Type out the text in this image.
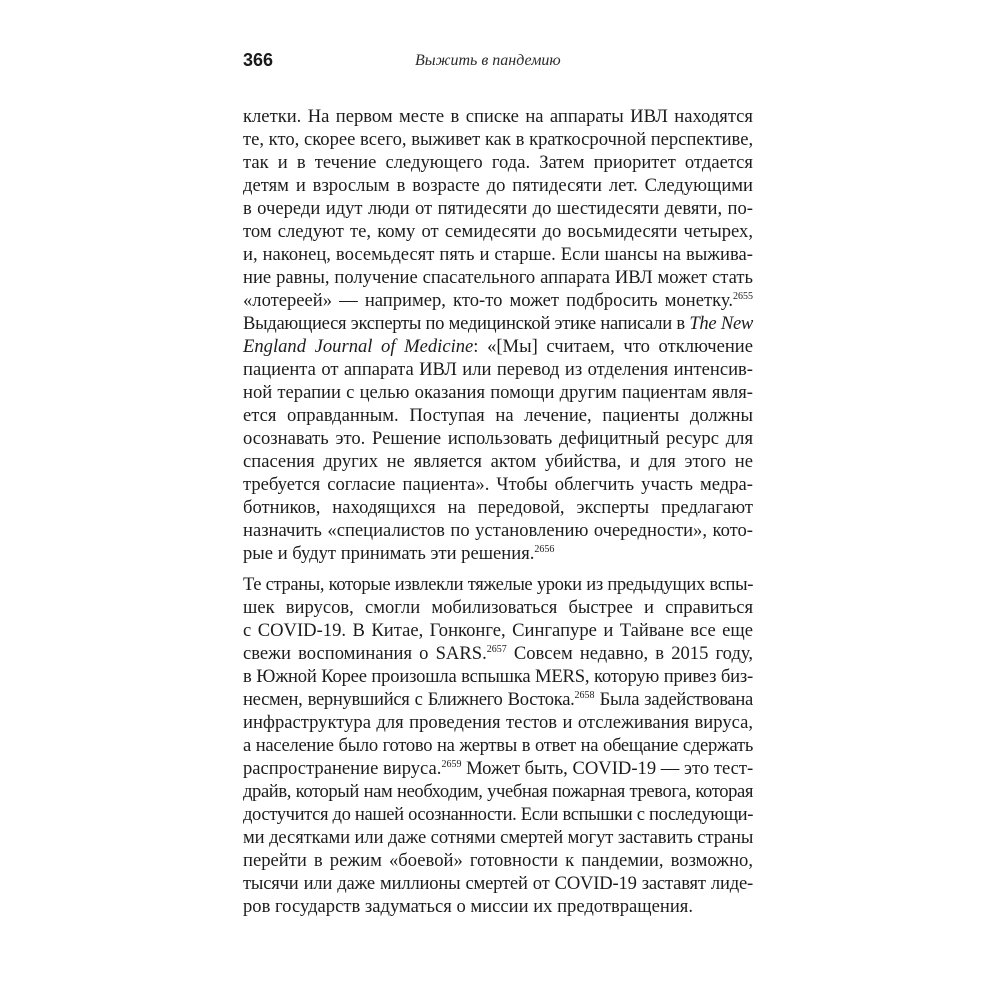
366	Выжить в пандемию
клетки. На первом месте в списке на аппараты ИВЛ находятся
те, кто, скорее всего, выживет как в краткосрочной перспективе,
так и в течение следующего года. Затем приоритет отдается
детям и взрослым в возрасте до пятидесяти лет. Следующими
в очереди идут люди от пятидесяти до шестидесяти девяти, по-
том следуют те, кому от семидесяти до восьмидесяти четырех,
и, наконец, восемьдесят пять и старше. Если шансы на выжива-
ние равны, получение спасательного аппарата ИВЛ может стать
«лотереей» — например, кто-то может подбросить монетку.$^{2655}$
Выдающиеся эксперты по медицинской этике написали в The New
England Journal of Medicine: «[Мы] считаем, что отключение
пациента от аппарата ИВЛ или перевод из отделения интенсив-
ной терапии с целью оказания помощи другим пациентам явля-
ется оправданным. Поступая на лечение, пациенты должны
осознавать это. Решение использовать дефицитный ресурс для
спасения других не является актом убийства, и для этого не
требуется согласие пациента». Чтобы облегчить участь медра-
ботников, находящихся на передовой, эксперты предлагают
назначить «специалистов по установлению очередности», кото-
рые и будут принимать эти решения.$^{2656}$
Те страны, которые извлекли тяжелые уроки из предыдущих вспы-
шек вирусов, смогли мобилизоваться быстрее и справиться
с COVID-19. В Китае, Гонконге, Сингапуре и Тайване все еще
свежи воспоминания о SARS.$^{2657}$ Совсем недавно, в 2015 году,
в Южной Корее произошла вспышка MERS, которую привез биз-
несмен, вернувшийся с Ближнего Востока.$^{2658}$ Была задействована
инфраструктура для проведения тестов и отслеживания вируса,
а население было готово на жертвы в ответ на обещание сдержать
распространение вируса.$^{2659}$ Может быть, COVID-19 — это тест-
драйв, который нам необходим, учебная пожарная тревога, которая
достучится до нашей осознанности. Если вспышки с последующи-
ми десятками или даже сотнями смертей могут заставить страны
перейти в режим «боевой» готовности к пандемии, возможно,
тысячи или даже миллионы смертей от COVID-19 заставят лиде-
ров государств задуматься о миссии их предотвращения.
